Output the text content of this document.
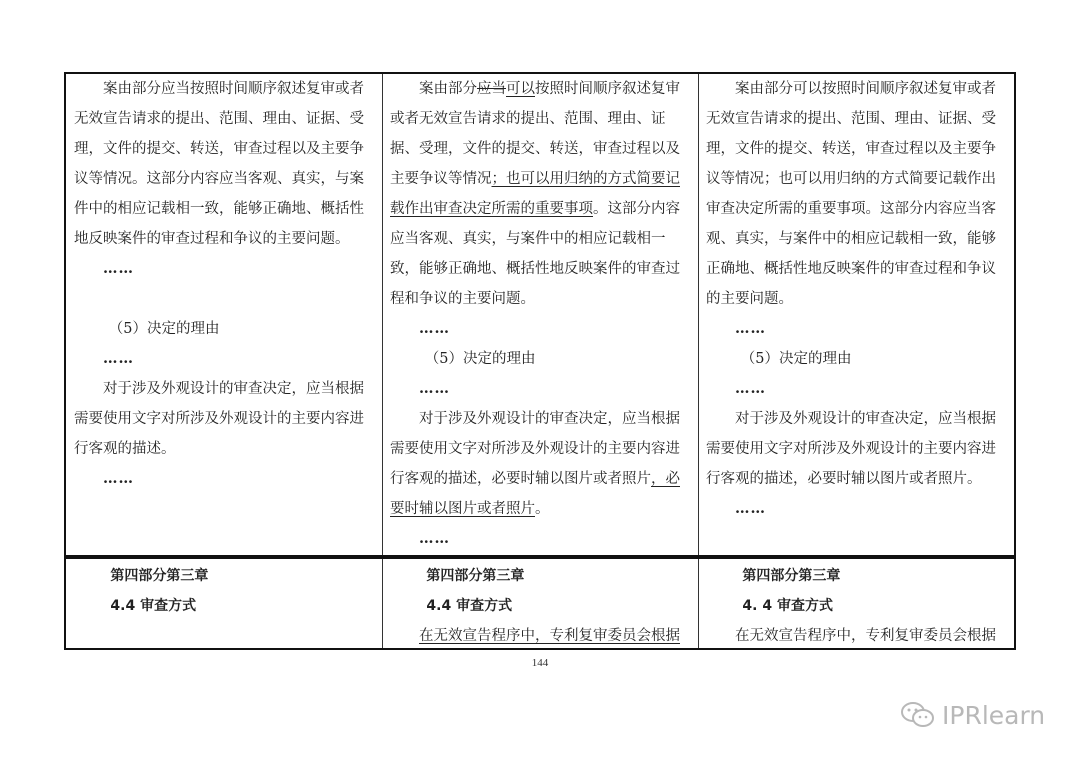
案由部分应当按照时间顺序叙述复审或者无效宣告请求的提出、范围、理由、证据、受理，文件的提交、转送，审查过程以及主要争议等情况。这部分内容应当客观、真实，与案件中的相应记载相一致，能够正确地、概括性地反映案件的审查过程和争议的主要问题。

……

（5）决定的理由

……

对于涉及外观设计的审查决定，应当根据需要使用文字对所涉及外观设计的主要内容进行客观的描述。

……

案由部分应当可以按照时间顺序叙述复审或者无效宣告请求的提出、范围、理由、证据、受理，文件的提交、转送，审查过程以及主要争议等情况；也可以用归纳的方式简要记载作出审查决定所需的重要事项。这部分内容应当客观、真实，与案件中的相应记载相一致，能够正确地、概括性地反映案件的审查过程和争议的主要问题。

……

（5）决定的理由

……

对于涉及外观设计的审查决定，应当根据需要使用文字对所涉及外观设计的主要内容进行客观的描述，必要时辅以图片或者照片，必要时辅以图片或者照片。

……

案由部分可以按照时间顺序叙述复审或者无效宣告请求的提出、范围、理由、证据、受理，文件的提交、转送，审查过程以及主要争议等情况；也可以用归纳的方式简要记载作出审查决定所需的重要事项。这部分内容应当客观、真实，与案件中的相应记载相一致，能够正确地、概括性地反映案件的审查过程和争议的主要问题。

……

（5）决定的理由

……

对于涉及外观设计的审查决定，应当根据需要使用文字对所涉及外观设计的主要内容进行客观的描述，必要时辅以图片或者照片。

……

第四部分第三章

4.4 审查方式

第四部分第三章

4.4 审查方式

在无效宣告程序中，专利复审委员会根据

第四部分第三章

4. 4 审查方式

在无效宣告程序中，专利复审委员会根据

144
IPRlearn
